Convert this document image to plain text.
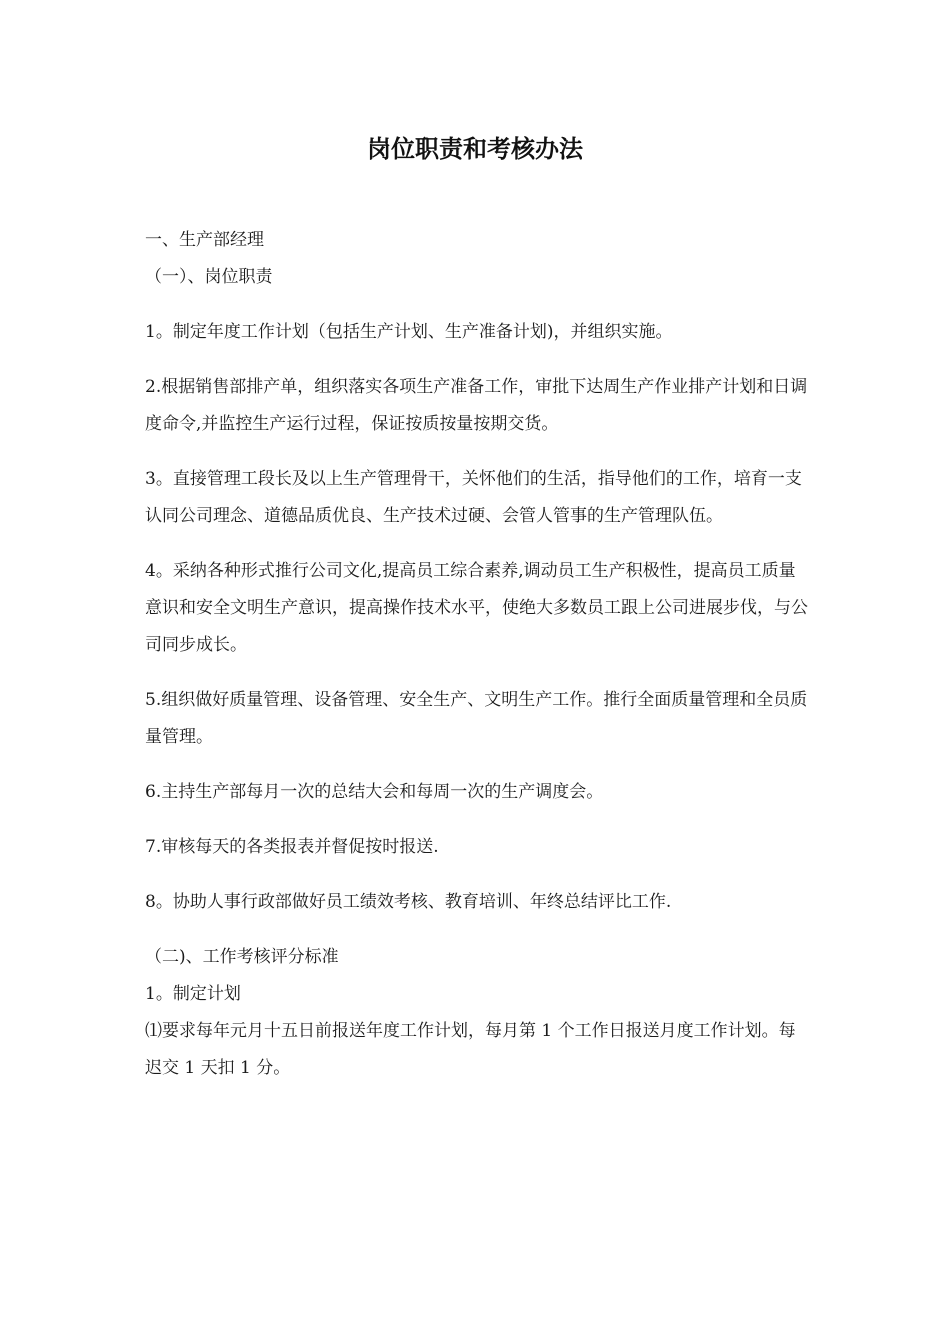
岗位职责和考核办法

一、生产部经理

（一）、岗位职责

1。制定年度工作计划（包括生产计划、生产准备计划)，并组织实施。

2.根据销售部排产单，组织落实各项生产准备工作，审批下达周生产作业排产计划和日调度命令,并监控生产运行过程，保证按质按量按期交货。

3。直接管理工段长及以上生产管理骨干，关怀他们的生活，指导他们的工作，培育一支认同公司理念、道德品质优良、生产技术过硬、会管人管事的生产管理队伍。

4。采纳各种形式推行公司文化,提高员工综合素养,调动员工生产积极性，提高员工质量意识和安全文明生产意识，提高操作技术水平，使绝大多数员工跟上公司进展步伐，与公司同步成长。

5.组织做好质量管理、设备管理、安全生产、文明生产工作。推行全面质量管理和全员质量管理。

6.主持生产部每月一次的总结大会和每周一次的生产调度会。

7.审核每天的各类报表并督促按时报送.

8。协助人事行政部做好员工绩效考核、教育培训、年终总结评比工作.

（二)、工作考核评分标准

1。制定计划

⑴要求每年元月十五日前报送年度工作计划，每月第 1 个工作日报送月度工作计划。每迟交 1 天扣 1 分。
